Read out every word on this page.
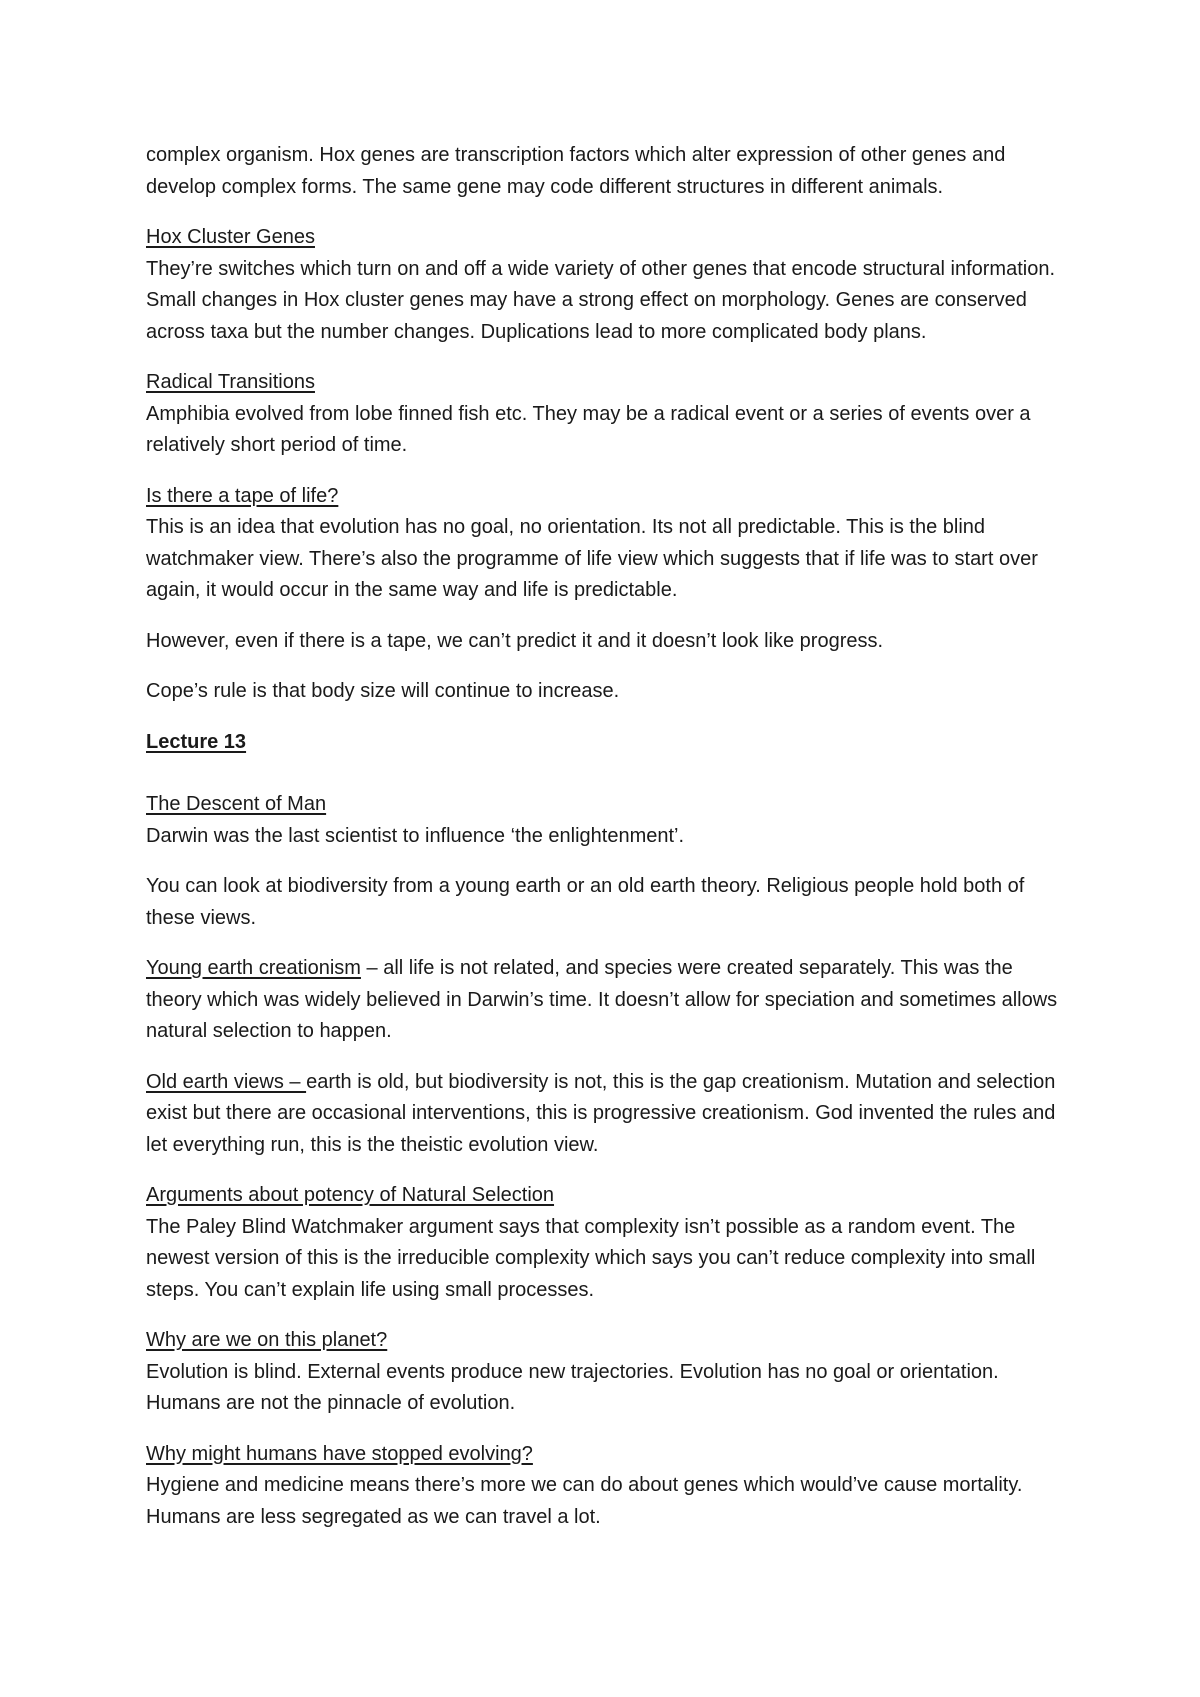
complex organism. Hox genes are transcription factors which alter expression of other genes and develop complex forms. The same gene may code different structures in different animals.

Hox Cluster Genes
They’re switches which turn on and off a wide variety of other genes that encode structural information. Small changes in Hox cluster genes may have a strong effect on morphology. Genes are conserved across taxa but the number changes. Duplications lead to more complicated body plans.

Radical Transitions
Amphibia evolved from lobe finned fish etc. They may be a radical event or a series of events over a relatively short period of time.

Is there a tape of life?
This is an idea that evolution has no goal, no orientation. Its not all predictable. This is the blind watchmaker view. There’s also the programme of life view which suggests that if life was to start over again, it would occur in the same way and life is predictable.

However, even if there is a tape, we can’t predict it and it doesn’t look like progress.

Cope’s rule is that body size will continue to increase.

Lecture 13

The Descent of Man
Darwin was the last scientist to influence ‘the enlightenment’.

You can look at biodiversity from a young earth or an old earth theory. Religious people hold both of these views.

Young earth creationism – all life is not related, and species were created separately. This was the theory which was widely believed in Darwin’s time. It doesn’t allow for speciation and sometimes allows natural selection to happen.

Old earth views – earth is old, but biodiversity is not, this is the gap creationism. Mutation and selection exist but there are occasional interventions, this is progressive creationism. God invented the rules and let everything run, this is the theistic evolution view.

Arguments about potency of Natural Selection
The Paley Blind Watchmaker argument says that complexity isn’t possible as a random event. The newest version of this is the irreducible complexity which says you can’t reduce complexity into small steps. You can’t explain life using small processes.

Why are we on this planet?
Evolution is blind. External events produce new trajectories. Evolution has no goal or orientation. Humans are not the pinnacle of evolution.

Why might humans have stopped evolving?
Hygiene and medicine means there’s more we can do about genes which would’ve cause mortality. Humans are less segregated as we can travel a lot.
